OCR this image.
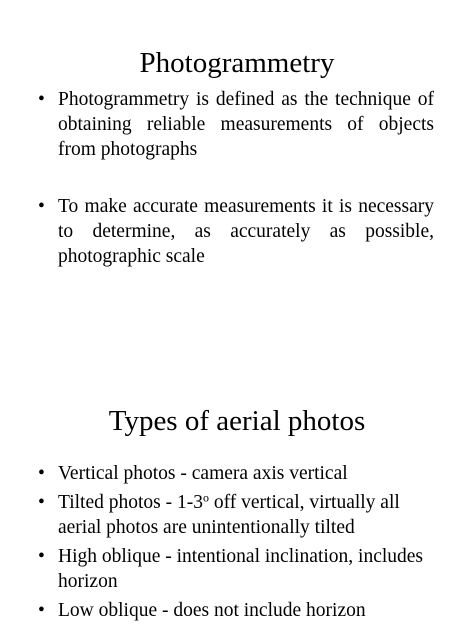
Photogrammetry
• Photogrammetry is defined as the technique of obtaining reliable measurements of objects from photographs
• To make accurate measurements it is necessary to determine, as accurately as possible, photographic scale
Types of aerial photos
• Vertical photos - camera axis vertical
• Tilted photos - 1-3$^o$ off vertical, virtually all aerial photos are unintentionally tilted
• High oblique - intentional inclination, includes horizon
• Low oblique - does not include horizon
